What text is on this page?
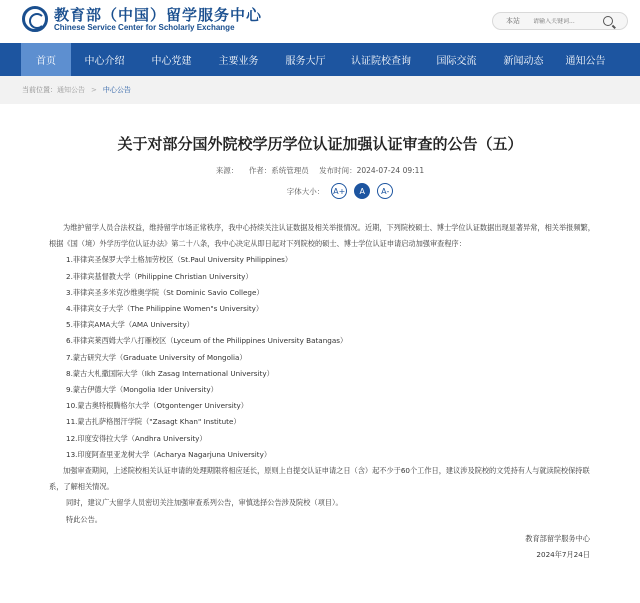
教育部（中国）留学服务中心
Chinese Service Center for Scholarly Exchange
本站
请输入关键词...
首页	中心介绍	中心党建	主要业务	服务大厅	认证院校查询	国际交流	新闻动态	通知公告
当前位置： 通知公告 > 中心公告
关于对部分国外院校学历学位认证加强认证审查的公告（五）
来源： 作者：系统管理员 发布时间：2024-07-24 09:11
字体大小： A+	A	A-

为维护留学人员合法权益，维持留学市场正常秩序，我中心持续关注认证数据及相关举报情况。近期，下列院校硕士、博士学位认证数据出现显著异常，相关举报频繁，根据《国（境）外学历学位认证办法》第二十八条，我中心决定从即日起对下列院校的硕士、博士学位认证申请启动加强审查程序：

1.菲律宾圣保罗大学土格加劳校区（St.Paul University Philippines）

2.菲律宾基督教大学（Philippine Christian University）

3.菲律宾圣多米克沙维奥学院（St Dominic Savio College）

4.菲律宾女子大学（The Philippine Women"s University）

5.菲律宾AMA大学（AMA University）

6.菲律宾莱西姆大学八打雁校区（Lyceum of the Philippines University Batangas）

7.蒙古研究大学（Graduate University of Mongolia）

8.蒙古大札撒国际大学（Ikh Zasag International University）

9.蒙古伊德大学（Mongolia Ider University）

10.蒙古奥特根腾格尔大学（Otgontenger University）

11.蒙古扎萨格图汗学院（"Zasagt Khan" Institute）

12.印度安得拉大学（Andhra University）

13.印度阿查里亚龙树大学（Acharya Nagarjuna University）

加强审查期间，上述院校相关认证申请的处理期限将相应延长，原则上自提交认证申请之日（含）起不少于60个工作日，建议涉及院校的文凭持有人与就读院校保持联系，了解相关情况。

同时，建议广大留学人员密切关注加强审查系列公告，审慎选择公告涉及院校（项目）。

特此公告。

教育部留学服务中心

2024年7月24日
